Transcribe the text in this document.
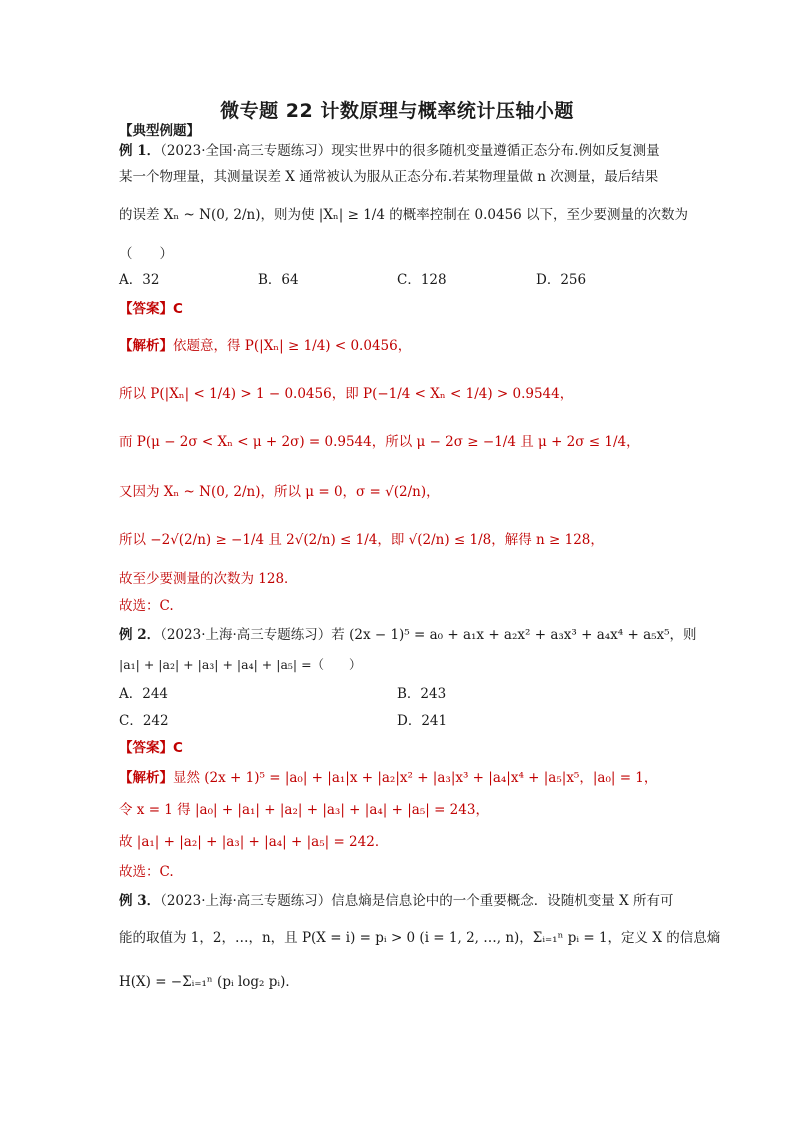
微专题 22 计数原理与概率统计压轴小题
【典型例题】
例 1．（2023·全国·高三专题练习）现实世界中的很多随机变量遵循正态分布.例如反复测量
某一个物理量，其测量误差 X 通常被认为服从正态分布.若某物理量做 n 次测量，最后结果
的误差 Xₙ ~ N(0, 2/n)，则为使 |Xₙ| ≥ 1/4 的概率控制在 0.0456 以下，至少要测量的次数为
（　　）
A．32	B．64	C．128	D．256
【答案】C
【解析】依题意，得 P(|Xₙ| ≥ 1/4) < 0.0456，
所以 P(|Xₙ| < 1/4) > 1 − 0.0456，即 P(−1/4 < Xₙ < 1/4) > 0.9544，
而 P(μ − 2σ < Xₙ < μ + 2σ) = 0.9544，所以 μ − 2σ ≥ −1/4 且 μ + 2σ ≤ 1/4，
又因为 Xₙ ~ N(0, 2/n)，所以 μ = 0，σ = √(2/n)，
所以 −2√(2/n) ≥ −1/4 且 2√(2/n) ≤ 1/4，即 √(2/n) ≤ 1/8，解得 n ≥ 128，
故至少要测量的次数为 128．
故选：C.
例 2．（2023·上海·高三专题练习）若 (2x − 1)⁵ = a₀ + a₁x + a₂x² + a₃x³ + a₄x⁴ + a₅x⁵，则
|a₁| + |a₂| + |a₃| + |a₄| + |a₅| =（　　）
A．244	B．243
C．242	D．241
【答案】C
【解析】显然 (2x + 1)⁵ = |a₀| + |a₁|x + |a₂|x² + |a₃|x³ + |a₄|x⁴ + |a₅|x⁵，|a₀| = 1，
令 x = 1 得 |a₀| + |a₁| + |a₂| + |a₃| + |a₄| + |a₅| = 243，
故 |a₁| + |a₂| + |a₃| + |a₄| + |a₅| = 242．
故选：C.
例 3．（2023·上海·高三专题练习）信息熵是信息论中的一个重要概念．设随机变量 X 所有可
能的取值为 1，2，…，n，且 P(X = i) = pᵢ > 0 (i = 1, 2, …, n)，Σᵢ₌₁ⁿ pᵢ = 1，定义 X 的信息熵
H(X) = −Σᵢ₌₁ⁿ (pᵢ log₂ pᵢ)．
